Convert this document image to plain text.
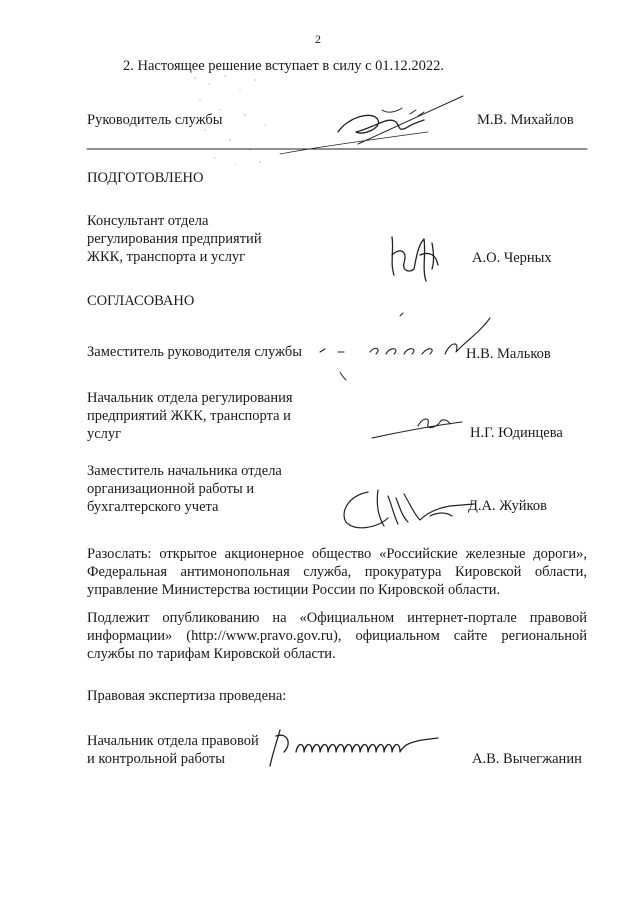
2
2. Настоящее решение вступает в силу с 01.12.2022.
Руководитель службы	М.В. Михайлов
ПОДГОТОВЛЕНО
Консультант отдела
регулирования предприятий
ЖКК, транспорта и услуг	А.О. Черных
СОГЛАСОВАНО
Заместитель руководителя службы	Н.В. Мальков
Начальник отдела регулирования
предприятий ЖКК, транспорта и
услуг	Н.Г. Юдинцева
Заместитель начальника отдела
организационной работы и
бухгалтерского учета	Д.А. Жуйков
Разослать: открытое акционерное общество «Российские железные дороги», Федеральная антимонопольная служба, прокуратура Кировской области, управление Министерства юстиции России по Кировской области.
Подлежит опубликованию на «Официальном интернет-портале правовой информации» (http://www.pravo.gov.ru), официальном сайте региональной службы по тарифам Кировской области.
Правовая экспертиза проведена:
Начальник отдела правовой
и контрольной работы	А.В. Вычегжанин
